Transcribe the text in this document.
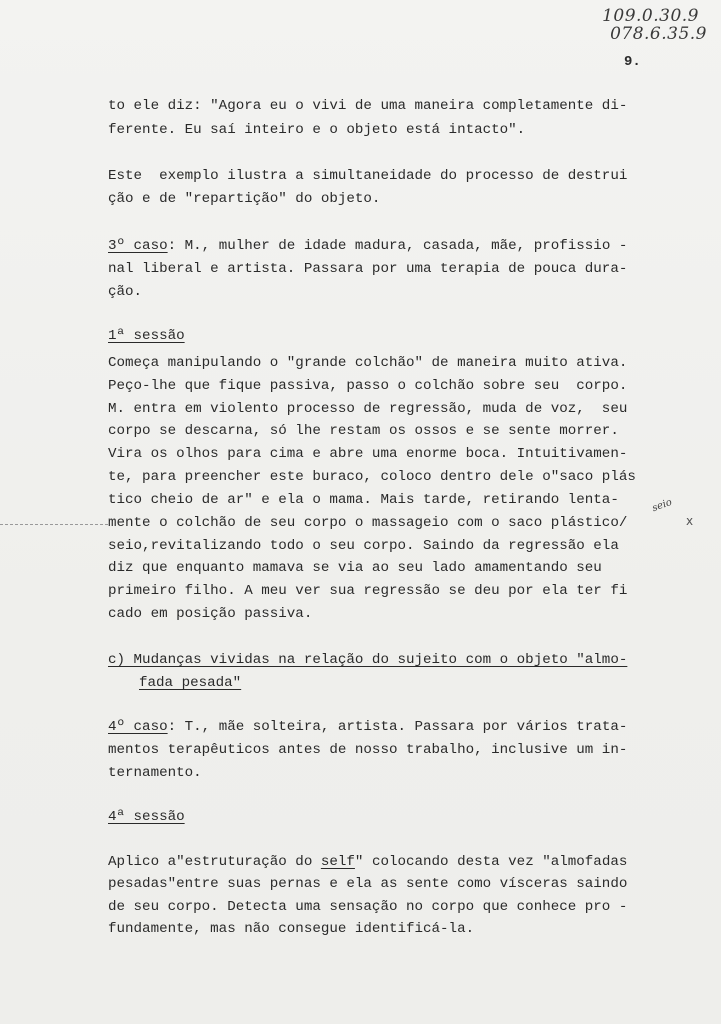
109.0.30.9
078.6.35.9
9.
seio
x
to ele diz: "Agora eu o vivi de uma maneira completamente di-
ferente. Eu saí inteiro e o objeto está intacto".
Este  exemplo ilustra a simultaneidade do processo de destrui
ção e de "repartição" do objeto.
3º caso: M., mulher de idade madura, casada, mãe, profissio -
nal liberal e artista. Passara por uma terapia de pouca dura-
ção.
1ª sessão
Começa manipulando o "grande colchão" de maneira muito ativa.
Peço-lhe que fique passiva, passo o colchão sobre seu  corpo.
M. entra em violento processo de regressão, muda de voz,  seu
corpo se descarna, só lhe restam os ossos e se sente morrer.
Vira os olhos para cima e abre uma enorme boca. Intuitivamen-
te, para preencher este buraco, coloco dentro dele o"saco plás
tico cheio de ar" e ela o mama. Mais tarde, retirando lenta-
mente o colchão de seu corpo o massageio com o saco plástico/
seio,revitalizando todo o seu corpo. Saindo da regressão ela
diz que enquanto mamava se via ao seu lado amamentando seu
primeiro filho. A meu ver sua regressão se deu por ela ter fi
cado em posição passiva.
c) Mudanças vividas na relação do sujeito com o objeto "almo-
fada pesada"
4º caso: T., mãe solteira, artista. Passara por vários trata-
mentos terapêuticos antes de nosso trabalho, inclusive um in-
ternamento.
4ª sessão
Aplico a"estruturação do self" colocando desta vez "almofadas
pesadas"entre suas pernas e ela as sente como vísceras saindo
de seu corpo. Detecta uma sensação no corpo que conhece pro -
fundamente, mas não consegue identificá-la.
